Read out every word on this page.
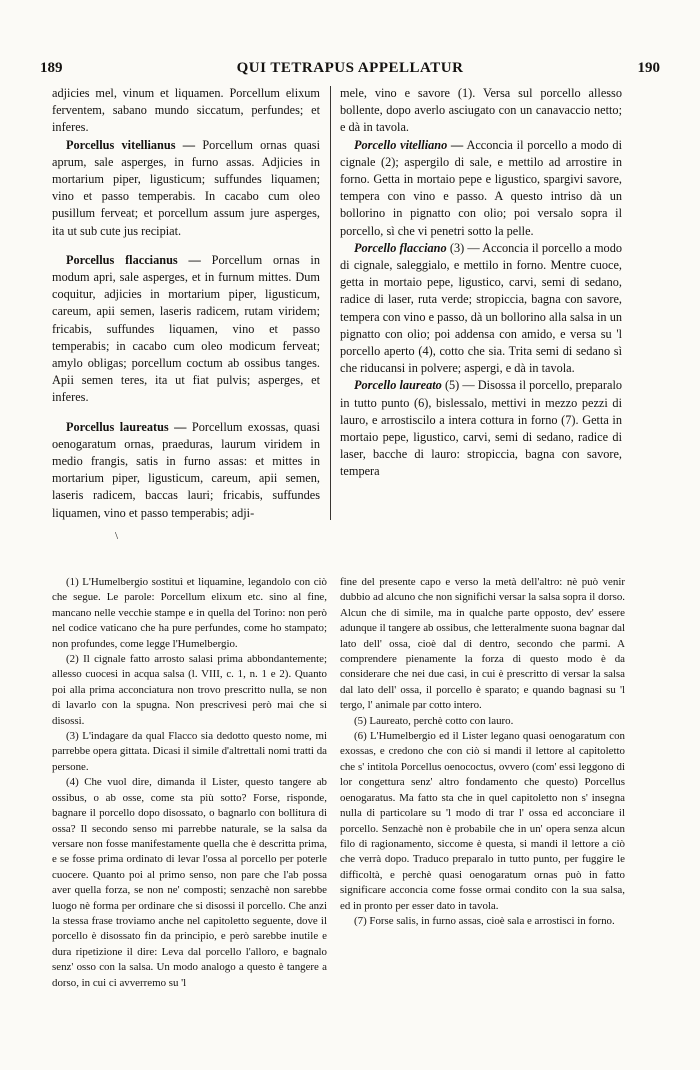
189	QUI TETRAPUS APPELLATUR	190

adjicies mel, vinum et liquamen. Porcellum elixum ferventem, sabano mundo siccatum, perfundes; et inferes.

Porcellus vitellianus — Porcellum ornas quasi aprum, sale asperges, in furno assas. Adjicies in mortarium piper, ligusticum; suffundes liquamen; vino et passo temperabis. In cacabo cum oleo pusillum ferveat; et porcellum assum jure asperges, ita ut sub cute jus recipiat.

Porcellus flaccianus — Porcellum ornas in modum apri, sale asperges, et in furnum mittes. Dum coquitur, adjicies in mortarium piper, ligusticum, careum, apii semen, laseris radicem, rutam viridem; fricabis, suffundes liquamen, vino et passo temperabis; in cacabo cum oleo modicum ferveat; amylo obligas; porcellum coctum ab ossibus tanges. Apii semen teres, ita ut fiat pulvis; asperges, et inferes.

Porcellus laureatus — Porcellum exossas, quasi oenogaratum ornas, praeduras, laurum viridem in medio frangis, satis in furno assas: et mittes in mortarium piper, ligusticum, careum, apii semen, laseris radicem, baccas lauri; fricabis, suffundes liquamen, vino et passo temperabis; adji-

mele, vino e savore (1). Versa sul porcello allesso bollente, dopo averlo asciugato con un canavaccio netto; e dà in tavola.

Porcello vitelliano — Acconcia il porcello a modo di cignale (2); aspergilo di sale, e mettilo ad arrostire in forno. Getta in mortaio pepe e ligustico, spargivi savore, tempera con vino e passo. A questo intriso dà un bollorino in pignatto con olio; poi versalo sopra il porcello, sì che vi penetri sotto la pelle.

Porcello flacciano (3) — Acconcia il porcello a modo di cignale, saleggialo, e mettilo in forno. Mentre cuoce, getta in mortaio pepe, ligustico, carvi, semi di sedano, radice di laser, ruta verde; stropiccia, bagna con savore, tempera con vino e passo, dà un bollorino alla salsa in un pignatto con olio; poi addensa con amido, e versa su 'l porcello aperto (4), cotto che sia. Trita semi di sedano sì che riducansi in polvere; aspergi, e dà in tavola.

Porcello laureato (5) — Disossa il porcello, preparalo in tutto punto (6), bislessalo, mettivi in mezzo pezzi di lauro, e arrostiscilo a intera cottura in forno (7). Getta in mortaio pepe, ligustico, carvi, semi di sedano, radice di laser, bacche di lauro: stropiccia, bagna con savore, tempera

\

(1) L'Humelbergio sostituì et liquamine, legandolo con ciò che segue. Le parole: Porcellum elixum etc. sino al fine, mancano nelle vecchie stampe e in quella del Torino: non però nel codice vaticano che ha pure perfundes, come ho stampato; non profundes, come legge l'Humelbergio.

(2) Il cignale fatto arrosto salasi prima abbondantemente; allesso cuocesi in acqua salsa (l. VIII, c. 1, n. 1 e 2). Quanto poi alla prima acconciatura non trovo prescritto nulla, se non di lavarlo con la spugna. Non prescrivesi però mai che si disossi.

(3) L'indagare da qual Flacco sia dedotto questo nome, mi parrebbe opera gittata. Dicasi il simile d'altrettali nomi tratti da persone.

(4) Che vuol dire, dimanda il Lister, questo tangere ab ossibus, o ab osse, come sta più sotto? Forse, risponde, bagnare il porcello dopo disossato, o bagnarlo con bollitura di ossa? Il secondo senso mi parrebbe naturale, se la salsa da versare non fosse manifestamente quella che è descritta prima, e se fosse prima ordinato di levar l'ossa al porcello per poterle cuocere. Quanto poi al primo senso, non pare che l'ab possa aver quella forza, se non ne' composti; senzachè non sarebbe luogo nè forma per ordinare che si disossi il porcello. Che anzi la stessa frase troviamo anche nel capitoletto seguente, dove il porcello è disossato fin da principio, e però sarebbe inutile e dura ripetizione il dire: Leva dal porcello l'alloro, e bagnalo senz' osso con la salsa. Un modo analogo a questo è tangere a dorso, in cui ci avverremo su 'l

fine del presente capo e verso la metà dell'altro: nè può venir dubbio ad alcuno che non significhi versar la salsa sopra il dorso. Alcun che di simile, ma in qualche parte opposto, dev' essere adunque il tangere ab ossibus, che letteralmente suona bagnar dal lato dell' ossa, cioè dal di dentro, secondo che parmi. A comprendere pienamente la forza di questo modo è da considerare che nei due casi, in cui è prescritto di versar la salsa dal lato dell' ossa, il porcello è sparato; e quando bagnasi su 'l tergo, l' animale par cotto intero.

(5) Laureato, perchè cotto con lauro.

(6) L'Humelbergio ed il Lister legano quasi oenogaratum con exossas, e credono che con ciò si mandi il lettore al capitoletto che s' intitola Porcellus oenococtus, ovvero (com' essi leggono di lor congettura senz' altro fondamento che questo) Porcellus oenogaratus. Ma fatto sta che in quel capitoletto non s' insegna nulla di particolare su 'l modo di trar l' ossa ed acconciare il porcello. Senzachè non è probabile che in un' opera senza alcun filo di ragionamento, siccome è questa, si mandi il lettore a ciò che verrà dopo. Traduco preparalo in tutto punto, per fuggire le difficoltà, e perchè quasi oenogaratum ornas può in fatto significare acconcia come fosse ormai condito con la sua salsa, ed in pronto per esser dato in tavola.

(7) Forse salis, in furno assas, cioè sala e arrostisci in forno.
